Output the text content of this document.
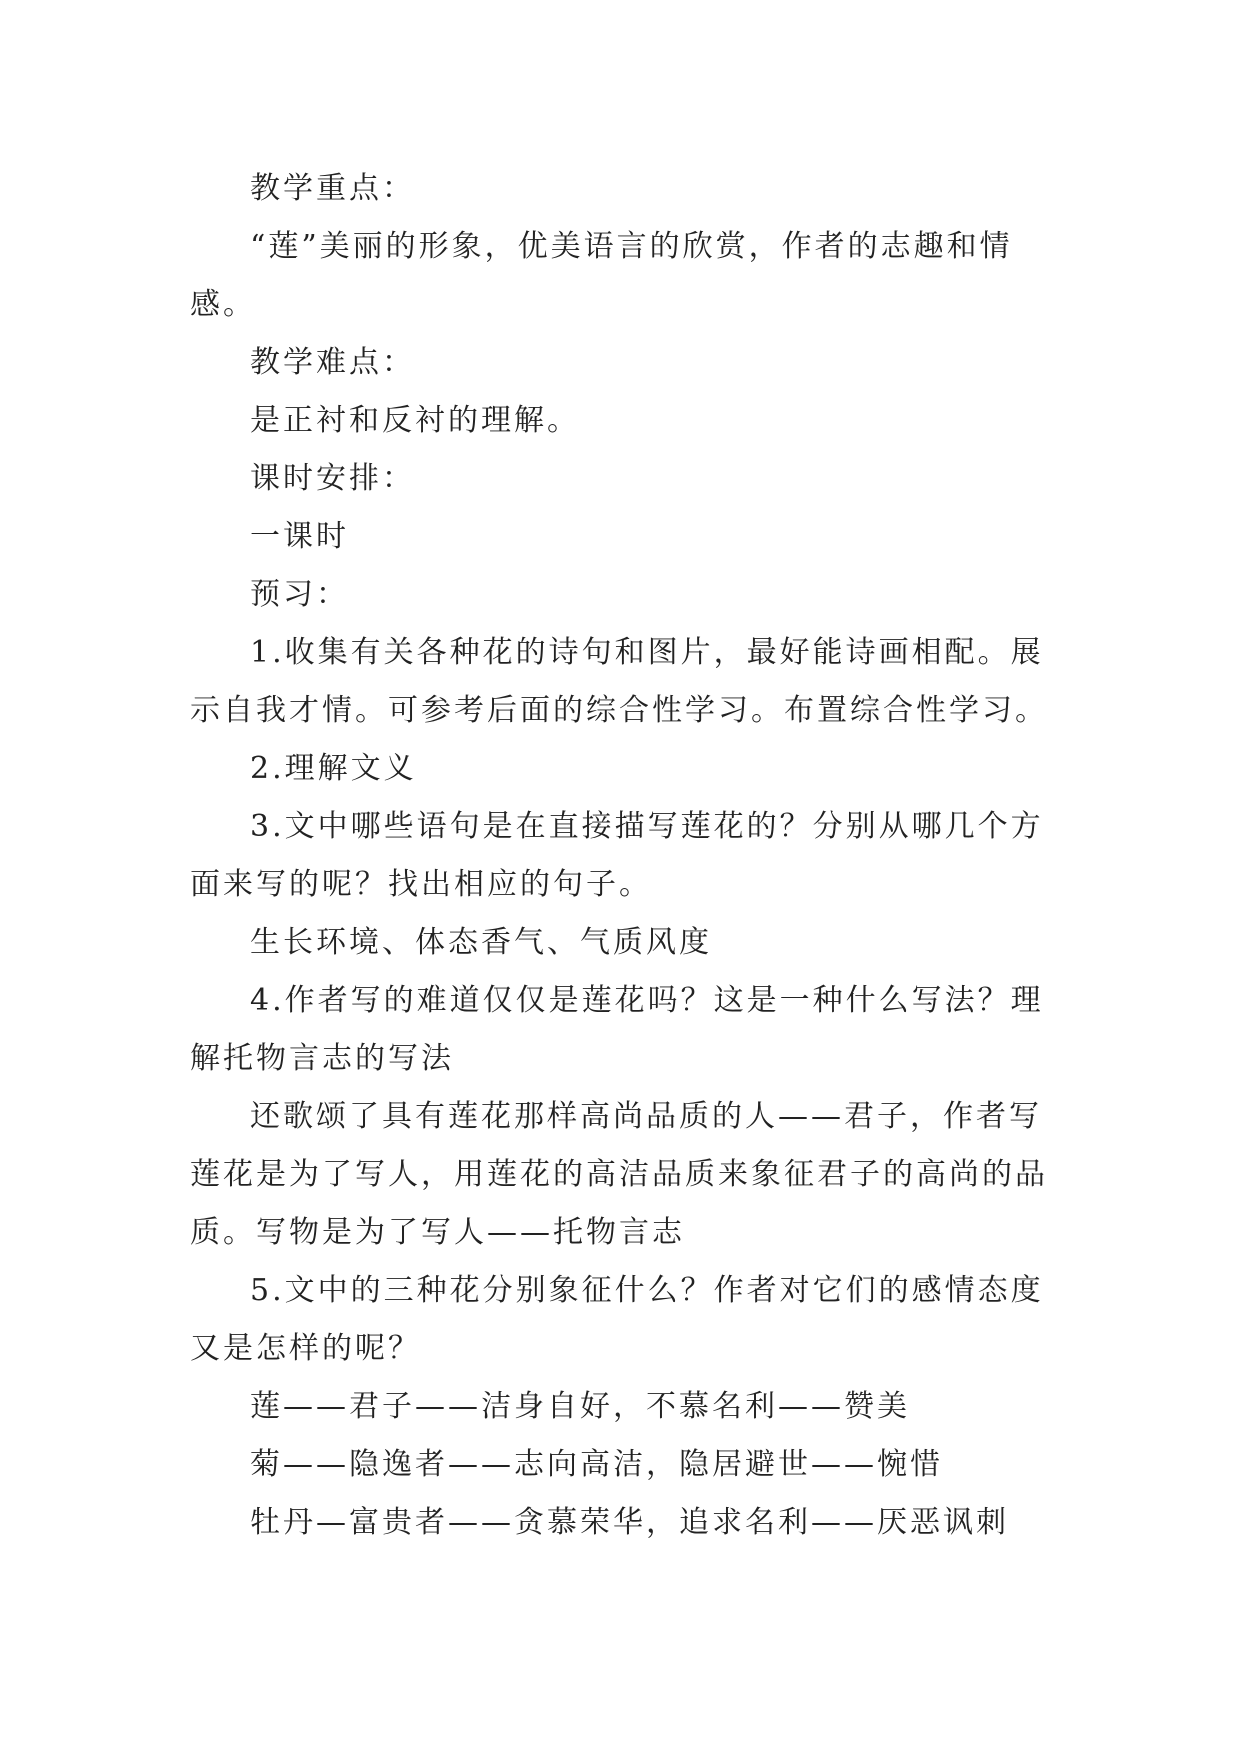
教学重点：

“莲”美丽的形象，优美语言的欣赏，作者的志趣和情感。

教学难点：

是正衬和反衬的理解。

课时安排：

一课时

预习：

1.收集有关各种花的诗句和图片，最好能诗画相配。展示自我才情。可参考后面的综合性学习。布置综合性学习。

2.理解文义

3.文中哪些语句是在直接描写莲花的？分别从哪几个方面来写的呢？找出相应的句子。

生长环境、体态香气、气质风度

4.作者写的难道仅仅是莲花吗？这是一种什么写法？理解托物言志的写法

还歌颂了具有莲花那样高尚品质的人——君子，作者写莲花是为了写人，用莲花的高洁品质来象征君子的高尚的品质。写物是为了写人——托物言志

5.文中的三种花分别象征什么？作者对它们的感情态度又是怎样的呢？

莲——君子——洁身自好，不慕名利——赞美

菊——隐逸者——志向高洁，隐居避世——惋惜

牡丹—富贵者——贪慕荣华，追求名利——厌恶讽刺
